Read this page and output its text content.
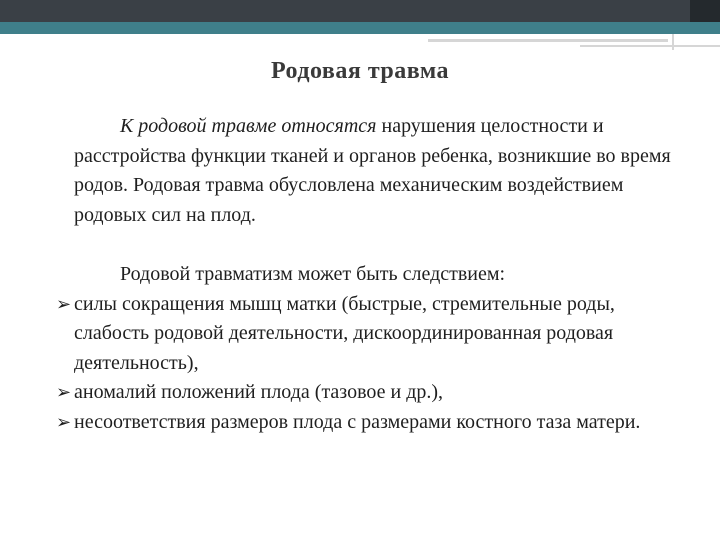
Родовая травма

К родовой травме относятся нарушения целостности и расстройства функции тканей и органов ребенка, возникшие во время родов. Родовая травма обусловлена механическим воздействием родовых сил на плод.

Родовой травматизм может быть следствием:

➢ силы сокращения мышц матки (быстрые, стремительные роды, слабость родовой деятельности, дискоординированная родовая деятельность),
➢ аномалий положений плода (тазовое и др.),
➢ несоответствия размеров плода с размерами костного таза матери.
